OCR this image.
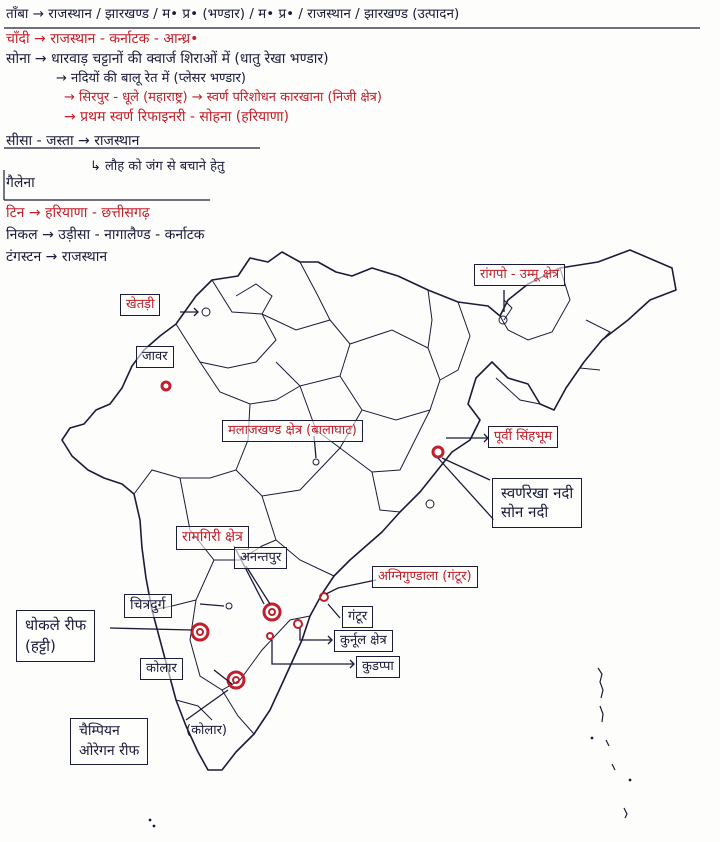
ताँबा → राजस्थान / झारखण्ड / म• प्र• (भण्डार) / म• प्र• / राजस्थान / झारखण्ड (उत्पादन)
चाँदी → राजस्थान - कर्नाटक - आन्ध्र•
सोना → धारवाड़ चट्टानों की क्वार्ज शिराओं में (धातु रेखा भण्डार)
→ नदियों की बालू रेत में (प्लेसर भण्डार)
→ सिरपुर - धूले (महाराष्ट्र) → स्वर्ण परिशोधन कारखाना (निजी क्षेत्र)
→ प्रथम स्वर्ण रिफाइनरी - सोहना (हरियाणा)
सीसा - जस्ता → राजस्थान
↳ लौह को जंग से बचाने हेतु
गैलेना
टिन → हरियाणा - छत्तीसगढ़
निकल → उड़ीसा - नागालैण्ड - कर्नाटक
टंगस्टन → राजस्थान
खेतड़ी
जावर
रांगपो - उम्मू क्षेत्र
मलाजखण्ड क्षेत्र (बालाघाट)	पूर्वी सिंहभूम
स्वर्णरेखा नदी
सोन नदी
रामगिरी क्षेत्र
अनन्तपुर
अग्निगुण्डाला (गंटूर)
चित्रदुर्ग
गंटूर
कुर्नूल क्षेत्र
कुडप्पा
धोकले रीफ
(हट्टी)
कोलार
चैम्पियन
ओरेगन रीफ
(कोलार)
